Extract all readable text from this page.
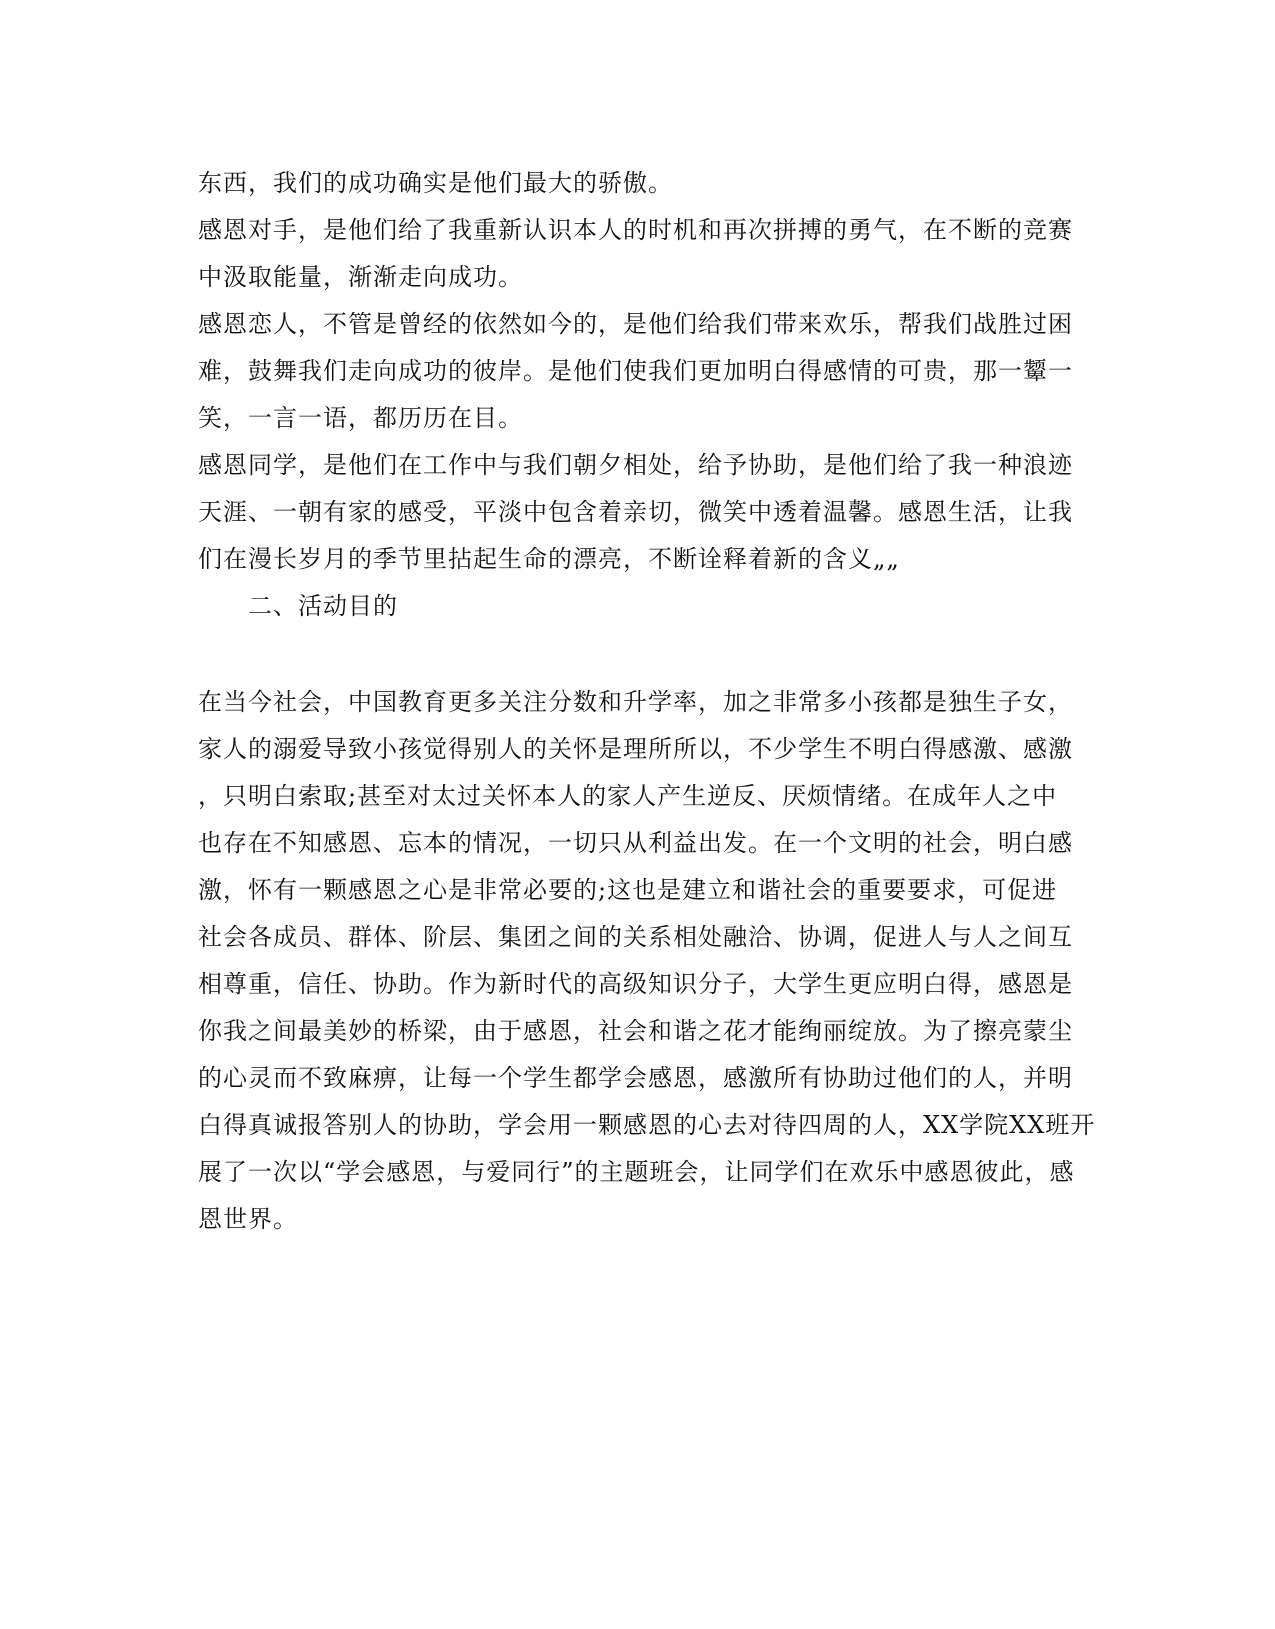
东西，我们的成功确实是他们最大的骄傲。
感恩对手，是他们给了我重新认识本人的时机和再次拼搏的勇气，在不断的竞赛
中汲取能量，渐渐走向成功。
感恩恋人，不管是曾经的依然如今的，是他们给我们带来欢乐，帮我们战胜过困
难，鼓舞我们走向成功的彼岸。是他们使我们更加明白得感情的可贵，那一颦一
笑，一言一语，都历历在目。
感恩同学，是他们在工作中与我们朝夕相处，给予协助，是他们给了我一种浪迹
天涯、一朝有家的感受，平淡中包含着亲切，微笑中透着温馨。感恩生活，让我
们在漫长岁月的季节里拈起生命的漂亮，不断诠释着新的含义„„
二、活动目的
在当今社会，中国教育更多关注分数和升学率，加之非常多小孩都是独生子女，
家人的溺爱导致小孩觉得别人的关怀是理所所以，不少学生不明白得感激、感激
，只明白索取;甚至对太过关怀本人的家人产生逆反、厌烦情绪。在成年人之中
也存在不知感恩、忘本的情况，一切只从利益出发。在一个文明的社会，明白感
激，怀有一颗感恩之心是非常必要的;这也是建立和谐社会的重要要求，可促进
社会各成员、群体、阶层、集团之间的关系相处融洽、协调，促进人与人之间互
相尊重，信任、协助。作为新时代的高级知识分子，大学生更应明白得，感恩是
你我之间最美妙的桥梁，由于感恩，社会和谐之花才能绚丽绽放。为了擦亮蒙尘
的心灵而不致麻痹，让每一个学生都学会感恩，感激所有协助过他们的人，并明
白得真诚报答别人的协助，学会用一颗感恩的心去对待四周的人，XX学院XX班开
展了一次以“学会感恩，与爱同行”的主题班会，让同学们在欢乐中感恩彼此，感
恩世界。
